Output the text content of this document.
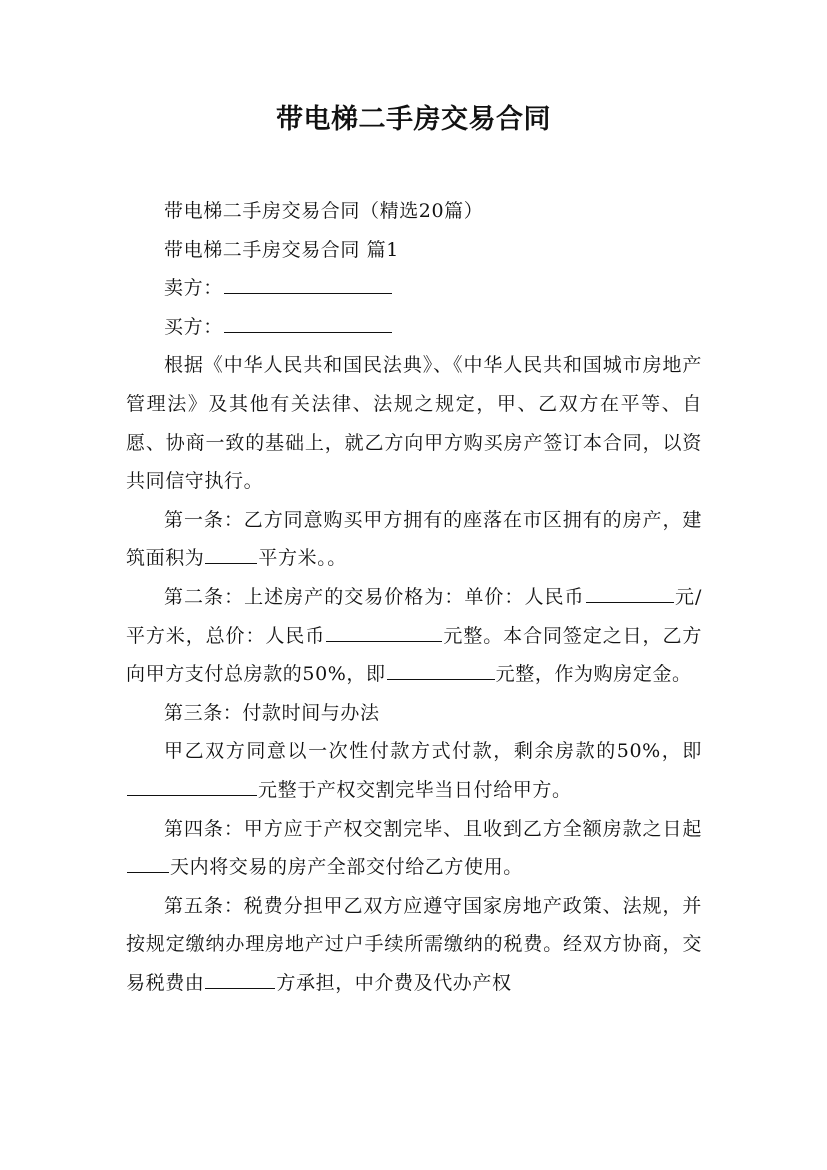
带电梯二手房交易合同

带电梯二手房交易合同（精选20篇）

带电梯二手房交易合同 篇1

卖方：

买方：

根据《中华人民共和国民法典》、《中华人民共和国城市房地产管理法》及其他有关法律、法规之规定，甲、乙双方在平等、自愿、协商一致的基础上，就乙方向甲方购买房产签订本合同，以资共同信守执行。

第一条：乙方同意购买甲方拥有的座落在市区拥有的房产，建筑面积为	平方米。。

第二条：上述房产的交易价格为：单价：人民币	元/平方米，总价：人民币	元整。本合同签定之日，乙方向甲方支付总房款的50%，即	元整，作为购房定金。

第三条：付款时间与办法

甲乙双方同意以一次性付款方式付款，剩余房款的50%，即元整于产权交割完毕当日付给甲方。

第四条：甲方应于产权交割完毕、且收到乙方全额房款之日起天内将交易的房产全部交付给乙方使用。

第五条：税费分担甲乙双方应遵守国家房地产政策、法规，并按规定缴纳办理房地产过户手续所需缴纳的税费。经双方协商，交易税费由	方承担，中介费及代办产权
